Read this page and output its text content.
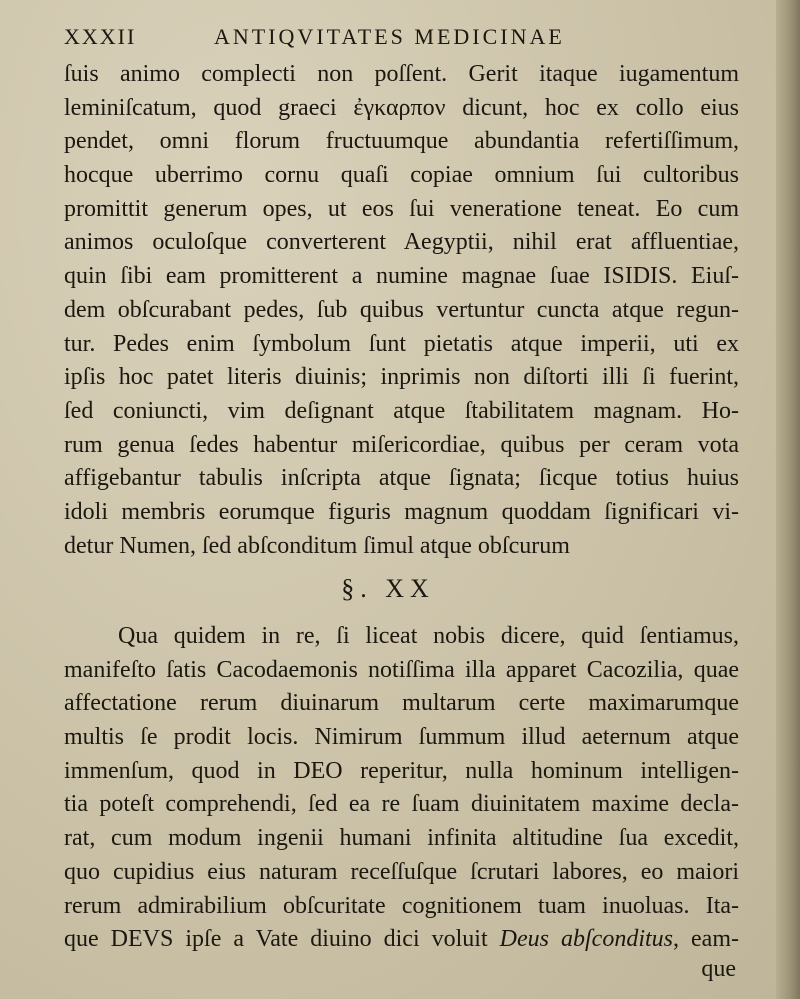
XXXII	ANTIQVITATES MEDICINAE
ſuis animo complecti non poſſent. Gerit itaque iugamentum
leminiſcatum, quod graeci ἐγκαρπον dicunt, hoc ex collo eius
pendet, omni florum fructuumque abundantia refertiſſimum,
hocque uberrimo cornu quaſi copiae omnium ſui cultoribus
promittit generum opes, ut eos ſui veneratione teneat. Eo cum
animos oculoſque converterent Aegyptii, nihil erat affluentiae,
quin ſibi eam promitterent a numine magnae ſuae ISIDIS. Eiuſ-
dem obſcurabant pedes, ſub quibus vertuntur cuncta atque regun-
tur. Pedes enim ſymbolum ſunt pietatis atque imperii, uti ex
ipſis hoc patet literis diuinis; inprimis non diſtorti illi ſi fuerint,
ſed coniuncti, vim deſignant atque ſtabilitatem magnam. Ho-
rum genua ſedes habentur miſericordiae, quibus per ceram vota
affigebantur tabulis inſcripta atque ſignata; ſicque totius huius
idoli membris eorumque figuris magnum quoddam ſignificari vi-
detur Numen, ſed abſconditum ſimul atque obſcurum
§. XX
Qua quidem in re, ſi liceat nobis dicere, quid ſentiamus,
manifeſto ſatis Cacodaemonis notiſſima illa apparet Cacozilia, quae
affectatione rerum diuinarum multarum certe maximarumque
multis ſe prodit locis. Nimirum ſummum illud aeternum atque
immenſum, quod in DEO reperitur, nulla hominum intelligen-
tia poteſt comprehendi, ſed ea re ſuam diuinitatem maxime decla-
rat, cum modum ingenii humani infinita altitudine ſua excedit,
quo cupidius eius naturam receſſuſque ſcrutari labores, eo maiori
rerum admirabilium obſcuritate cognitionem tuam inuoluas. Ita-
que DEVS ipſe a Vate diuino dici voluit Deus abſconditus, eam-
que
